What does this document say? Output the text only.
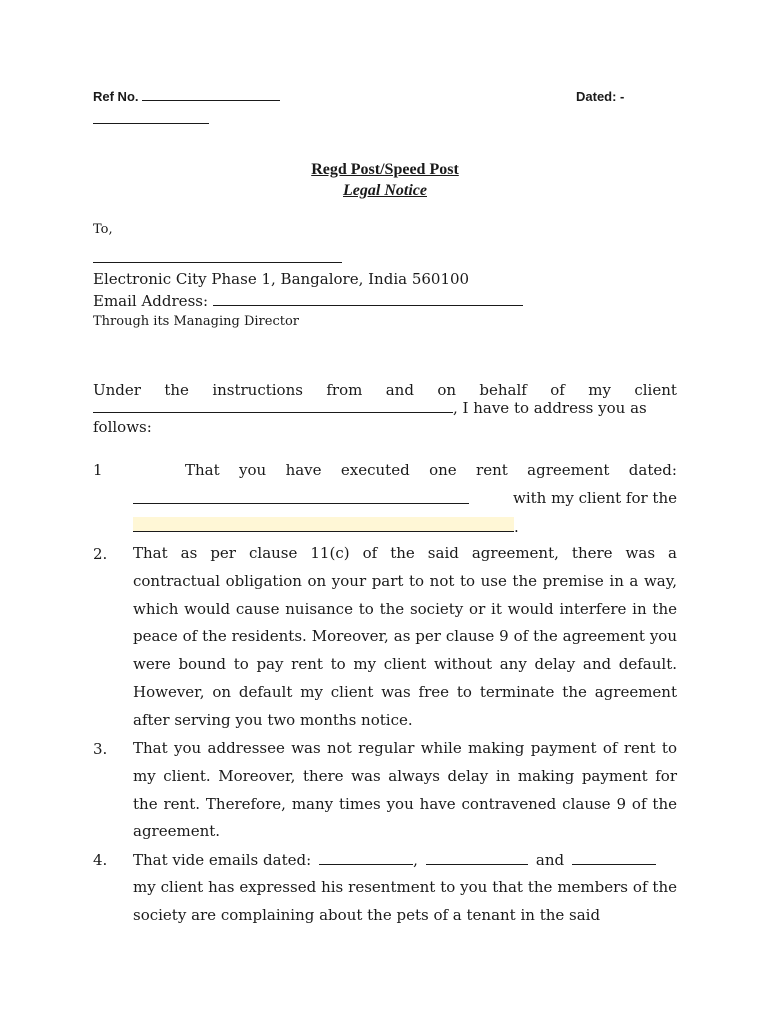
Ref No.	Dated: -
Regd Post/Speed Post
Legal Notice
To,
Electronic City Phase 1, Bangalore, India 560100
Email Address:
Through its Managing Director
Under the instructions from and on behalf of my client
, I have to address you as
follows:
1	That you have executed one rent agreement dated:
with my client for the
.
2. That as per clause 11(c) of the said agreement, there was a contractual obligation on your part to not to use the premise in a way, which would cause nuisance to the society or it would interfere in the peace of the residents. Moreover, as per clause 9 of the agreement you were bound to pay rent to my client without any delay and default. However, on default my client was free to terminate the agreement after serving you two months notice.
3. That you addressee was not regular while making payment of rent to my client. Moreover, there was always delay in making payment for the rent. Therefore, many times you have contravened clause 9 of the agreement.
4. That vide emails dated:	,	and
my client has expressed his resentment to you that the members of the society are complaining about the pets of a tenant in the said
